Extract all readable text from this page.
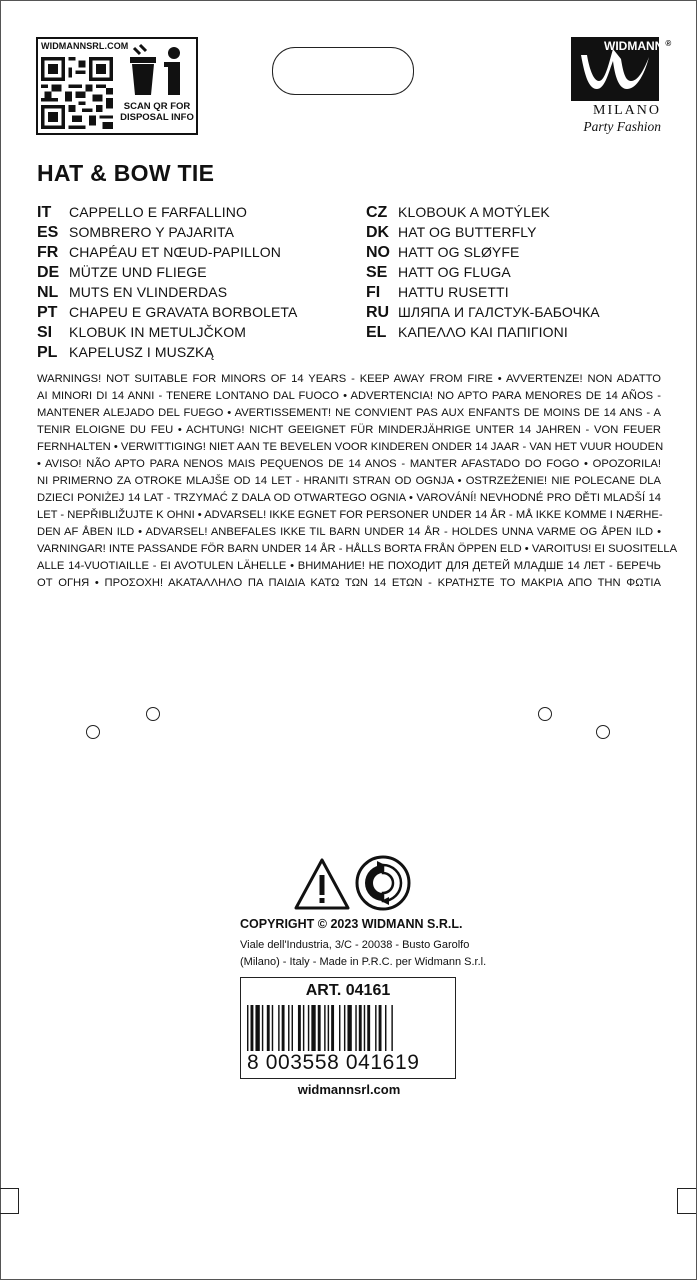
WIDMANNSRL.COM
SCAN QR FOR
DISPOSAL INFO
WIDMANN ®
MILANO
Party Fashion
HAT & BOW TIE
IT CAPPELLO E FARFALLINO
ES SOMBRERO Y PAJARITA
FR CHAPÉAU ET NŒUD-PAPILLON
DE MÜTZE UND FLIEGE
NL MUTS EN VLINDERDAS
PT CHAPEU E GRAVATA BORBOLETA
SI KLOBUK IN METULJČKOM
PL KAPELUSZ I MUSZKĄ
CZ KLOBOUK A MOTÝLEK
DK HAT OG BUTTERFLY
NO HATT OG SLØYFE
SE HATT OG FLUGA
FI HATTU RUSETTI
RU ШЛЯПА И ГАЛСТУК-БАБОЧКА
EL ΚΑΠΕΛΛΟ ΚΑΙ ΠΑΠΙΓΙΟΝΙ
WARNINGS! NOT SUITABLE FOR MINORS OF 14 YEARS - KEEP AWAY FROM FIRE • AVVERTENZE! NON ADATTO
AI MINORI DI 14 ANNI - TENERE LONTANO DAL FUOCO • ADVERTENCIA! NO APTO PARA MENORES DE 14 AÑOS -
MANTENER ALEJADO DEL FUEGO • AVERTISSEMENT! NE CONVIENT PAS AUX ENFANTS DE MOINS DE 14 ANS - A
TENIR ELOIGNE DU FEU • ACHTUNG! NICHT GEEIGNET FÜR MINDERJÄHRIGE UNTER 14 JAHREN - VON FEUER
FERNHALTEN • VERWITTIGING! NIET AAN TE BEVELEN VOOR KINDEREN ONDER 14 JAAR - VAN HET VUUR HOUDEN
• AVISO! NÃO APTO PARA NENOS MAIS PEQUENOS DE 14 ANOS - MANTER AFASTADO DO FOGO • OPOZORILA!
NI PRIMERNO ZA OTROKE MLAJŠE OD 14 LET - HRANITI STRAN OD OGNJA • OSTRZEŻENIE! NIE POLECANE DLA
DZIECI PONIŻEJ 14 LAT - TRZYMAĆ Z DALA OD OTWARTEGO OGNIA • VAROVÁNÍ! NEVHODNÉ PRO DĚTI MLADŠÍ 14
LET - NEPŘIBLIŽUJTE K OHNI • ADVARSEL! IKKE EGNET FOR PERSONER UNDER 14 ÅR - MÅ IKKE KOMME I NÆRHE-
DEN AF ÅBEN ILD • ADVARSEL! ANBEFALES IKKE TIL BARN UNDER 14 ÅR - HOLDES UNNA VARME OG ÅPEN ILD •
VARNINGAR! INTE PASSANDE FÖR BARN UNDER 14 ÅR - HÅLLS BORTA FRÅN ÖPPEN ELD • VAROITUS! EI SUOSITELLA
ALLE 14-VUOTIAILLE - EI AVOTULEN LÄHELLE • ВНИМАНИЕ! НЕ ПОХОДИТ ДЛЯ ДЕТЕЙ МЛАДШЕ 14 ЛЕТ - БЕРЕЧЬ
ОТ ОГНЯ • ΠΡΟΣΟΧΗ! ΑΚΑΤΑΛΛΗΛΟ ΠΑ ΠΑΙΔΙΑ ΚΑΤΩ ΤΩΝ 14 ΕΤΩΝ - ΚΡΑΤΗΣΤΕ ΤΟ ΜΑΚΡΙΑ ΑΠΟ ΤΗΝ ΦΩΤΙΑ
COPYRIGHT © 2023 WIDMANN S.R.L.
Viale dell'Industria, 3/C - 20038 - Busto Garolfo
(Milano) - Italy - Made in P.R.C. per Widmann S.r.l.
ART. 04161
8 003558 041619
widmannsrl.com
